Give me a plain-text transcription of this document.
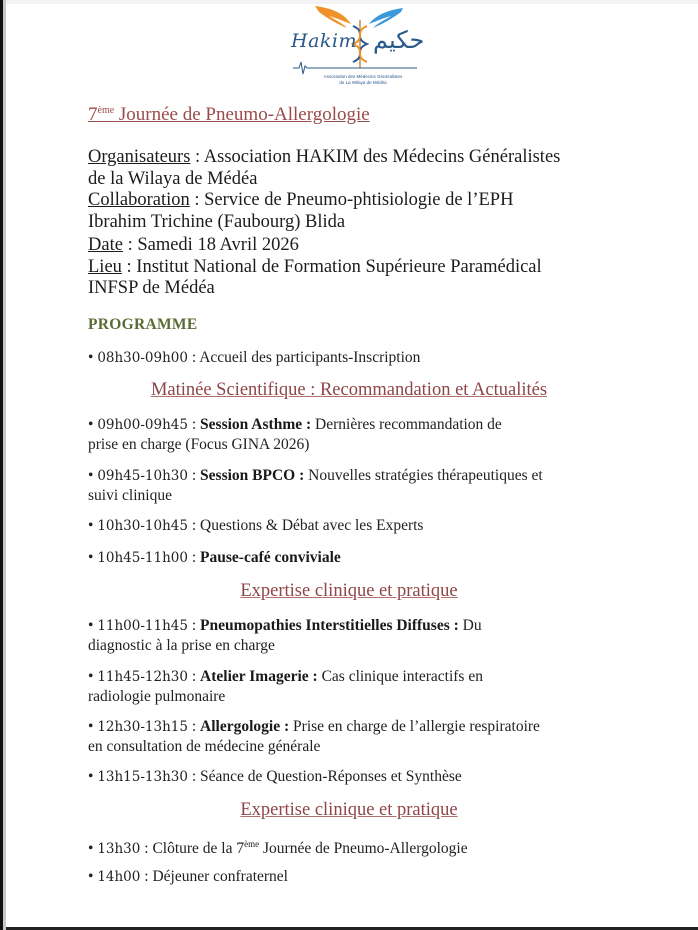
Hakim حكيم
Association des Médecins Généralistes
de La Wilaya de Médéa
7ème Journée de Pneumo-Allergologie
Organisateurs : Association HAKIM des Médecins Généralistes
de la Wilaya de Médéa
Collaboration : Service de Pneumo-phtisiologie de l’EPH
Ibrahim Trichine (Faubourg) Blida
Date : Samedi 18 Avril 2026
Lieu : Institut National de Formation Supérieure Paramédical
INFSP de Médéa
PROGRAMME
• 08h30-09h00 : Accueil des participants-Inscription
Matinée Scientifique : Recommandation et Actualités
• 09h00-09h45 : Session Asthme : Dernières recommandation de
prise en charge (Focus GINA 2026)
• 09h45-10h30 : Session BPCO : Nouvelles stratégies thérapeutiques et
suivi clinique
• 10h30-10h45 : Questions & Débat avec les Experts
• 10h45-11h00 : Pause-café conviviale
Expertise clinique et pratique
• 11h00-11h45 : Pneumopathies Interstitielles Diffuses : Du
diagnostic à la prise en charge
• 11h45-12h30 : Atelier Imagerie : Cas clinique interactifs en
radiologie pulmonaire
• 12h30-13h15 : Allergologie : Prise en charge de l’allergie respiratoire
en consultation de médecine générale
• 13h15-13h30 : Séance de Question-Réponses et Synthèse
Expertise clinique et pratique
• 13h30 : Clôture de la 7ème Journée de Pneumo-Allergologie
• 14h00 : Déjeuner confraternel
